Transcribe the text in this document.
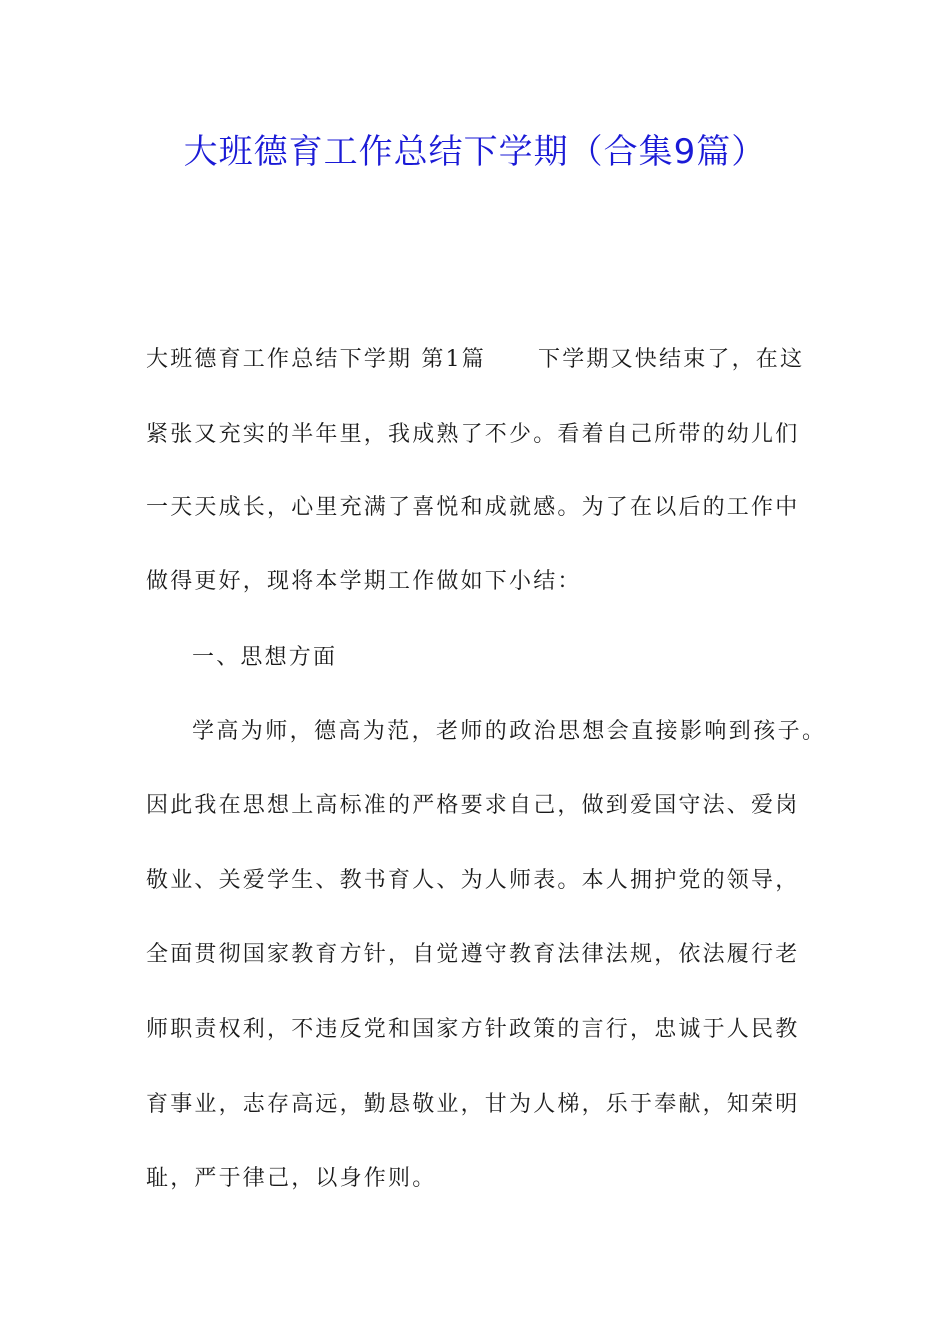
大班德育工作总结下学期（合集9篇）
大班德育工作总结下学期 第1篇 下学期又快结束了，在这
紧张又充实的半年里，我成熟了不少。看着自己所带的幼儿们
一天天成长，心里充满了喜悦和成就感。为了在以后的工作中
做得更好，现将本学期工作做如下小结：
一、思想方面
学高为师，德高为范，老师的政治思想会直接影响到孩子。
因此我在思想上高标准的严格要求自己，做到爱国守法、爱岗
敬业、关爱学生、教书育人、为人师表。本人拥护党的领导，
全面贯彻国家教育方针，自觉遵守教育法律法规，依法履行老
师职责权利，不违反党和国家方针政策的言行，忠诚于人民教
育事业，志存高远，勤恳敬业，甘为人梯，乐于奉献，知荣明
耻，严于律己，以身作则。
